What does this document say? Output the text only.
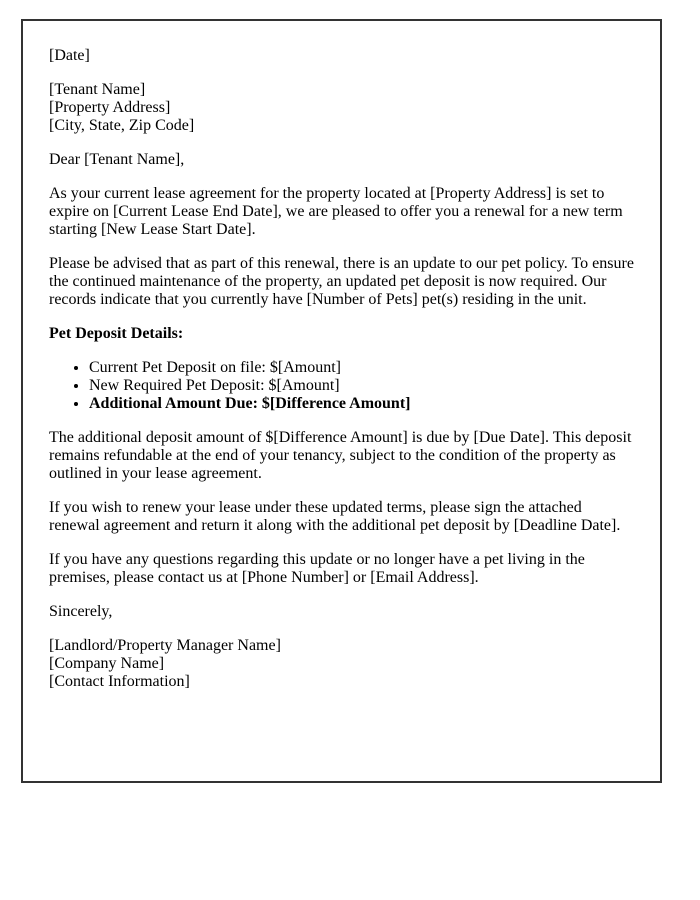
[Date]

[Tenant Name]
[Property Address]
[City, State, Zip Code]

Dear [Tenant Name],

As your current lease agreement for the property located at [Property Address] is set to expire on [Current Lease End Date], we are pleased to offer you a renewal for a new term starting [New Lease Start Date].

Please be advised that as part of this renewal, there is an update to our pet policy. To ensure the continued maintenance of the property, an updated pet deposit is now required. Our records indicate that you currently have [Number of Pets] pet(s) residing in the unit.

Pet Deposit Details:

• Current Pet Deposit on file: $[Amount]
• New Required Pet Deposit: $[Amount]
• Additional Amount Due: $[Difference Amount]

The additional deposit amount of $[Difference Amount] is due by [Due Date]. This deposit remains refundable at the end of your tenancy, subject to the condition of the property as outlined in your lease agreement.

If you wish to renew your lease under these updated terms, please sign the attached renewal agreement and return it along with the additional pet deposit by [Deadline Date].

If you have any questions regarding this update or no longer have a pet living in the premises, please contact us at [Phone Number] or [Email Address].

Sincerely,

[Landlord/Property Manager Name]
[Company Name]
[Contact Information]
